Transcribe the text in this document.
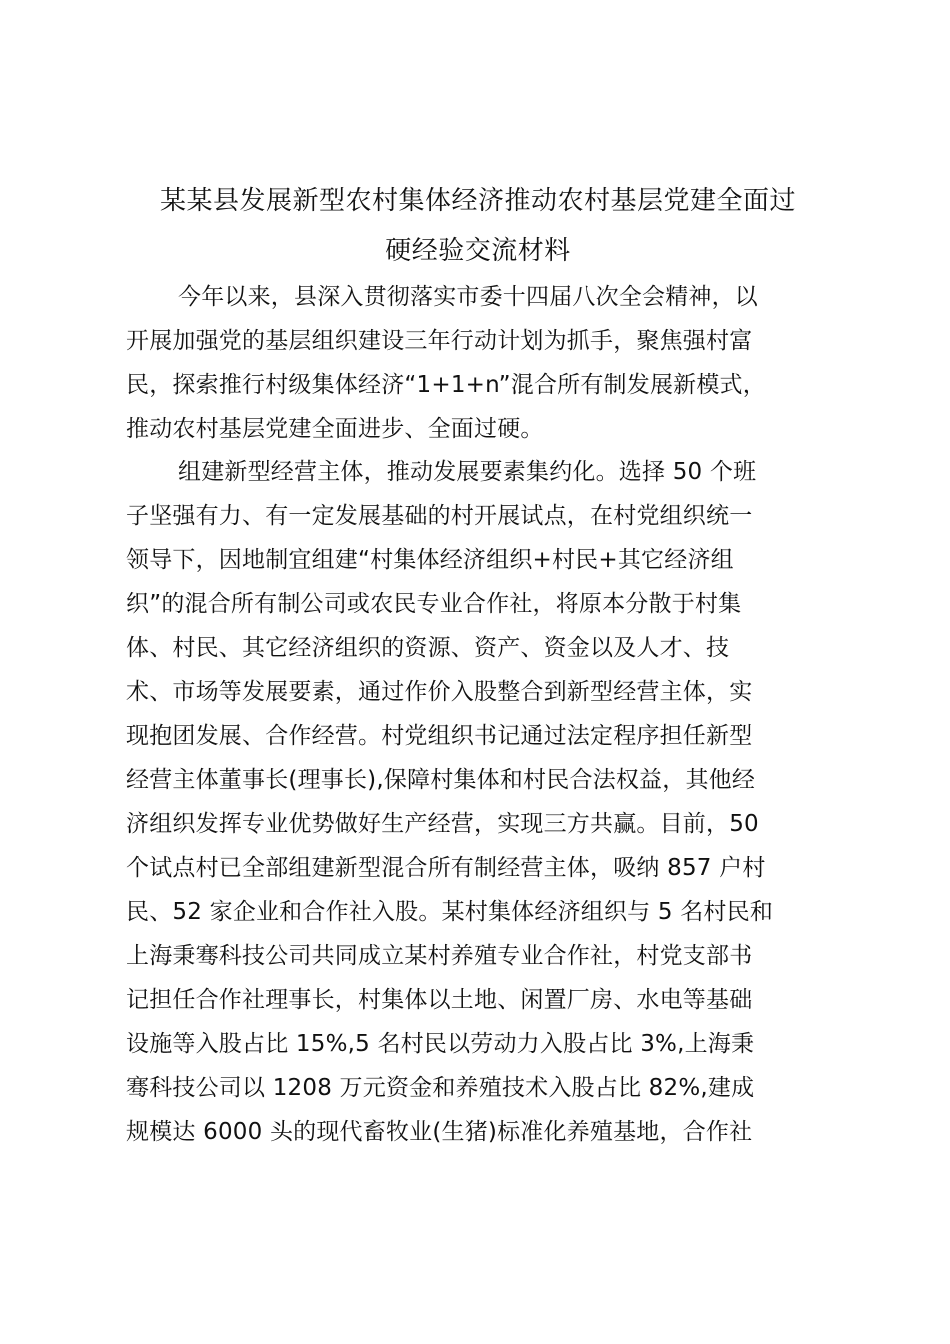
某某县发展新型农村集体经济推动农村基层党建全面过
硬经验交流材料
今年以来，县深入贯彻落实市委十四届八次全会精神，以
开展加强党的基层组织建设三年行动计划为抓手，聚焦强村富
民，探索推行村级集体经济“1+1+n”混合所有制发展新模式，
推动农村基层党建全面进步、全面过硬。
组建新型经营主体，推动发展要素集约化。选择 50 个班
子坚强有力、有一定发展基础的村开展试点，在村党组织统一
领导下，因地制宜组建“村集体经济组织+村民+其它经济组
织”的混合所有制公司或农民专业合作社，将原本分散于村集
体、村民、其它经济组织的资源、资产、资金以及人才、技
术、市场等发展要素，通过作价入股整合到新型经营主体，实
现抱团发展、合作经营。村党组织书记通过法定程序担任新型
经营主体董事长(理事长),保障村集体和村民合法权益，其他经
济组织发挥专业优势做好生产经营，实现三方共赢。目前，50
个试点村已全部组建新型混合所有制经营主体，吸纳 857 户村
民、52 家企业和合作社入股。某村集体经济组织与 5 名村民和
上海秉骞科技公司共同成立某村养殖专业合作社，村党支部书
记担任合作社理事长，村集体以土地、闲置厂房、水电等基础
设施等入股占比 15%,5 名村民以劳动力入股占比 3%,上海秉
骞科技公司以 1208 万元资金和养殖技术入股占比 82%,建成
规模达 6000 头的现代畜牧业(生猪)标准化养殖基地，合作社
